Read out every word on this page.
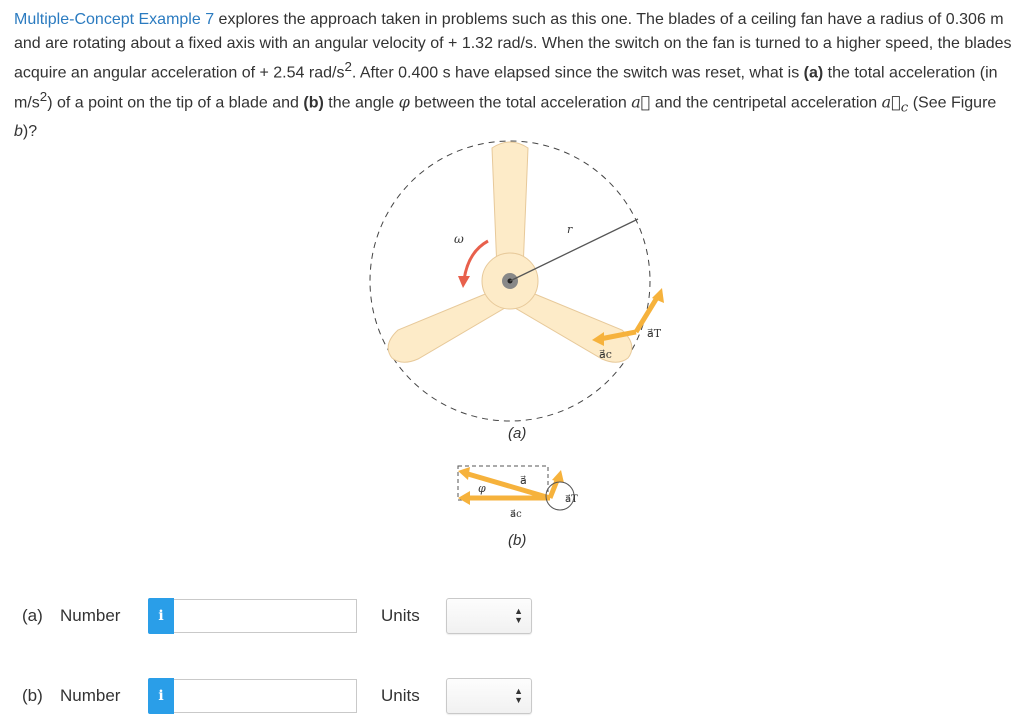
Multiple-Concept Example 7 explores the approach taken in problems such as this one. The blades of a ceiling fan have a radius of 0.306 m and are rotating about a fixed axis with an angular velocity of + 1.32 rad/s. When the switch on the fan is turned to a higher speed, the blades acquire an angular acceleration of + 2.54 rad/$s^2$. After 0.400 s have elapsed since the switch was reset, what is (a) the total acceleration (in $m/s^2$) of a point on the tip of a blade and (b) the angle φ between the total acceleration a⃗ and the centripetal acceleration $a⃗_c$ (See Figure b)?
r
ω
a⃗T
a⃗c
(a)
φ
a⃗
a⃗c
a⃗T
(b)
(a)	Number	i	Units	▲
▼
(b)	Number	i	Units	▲
▼
